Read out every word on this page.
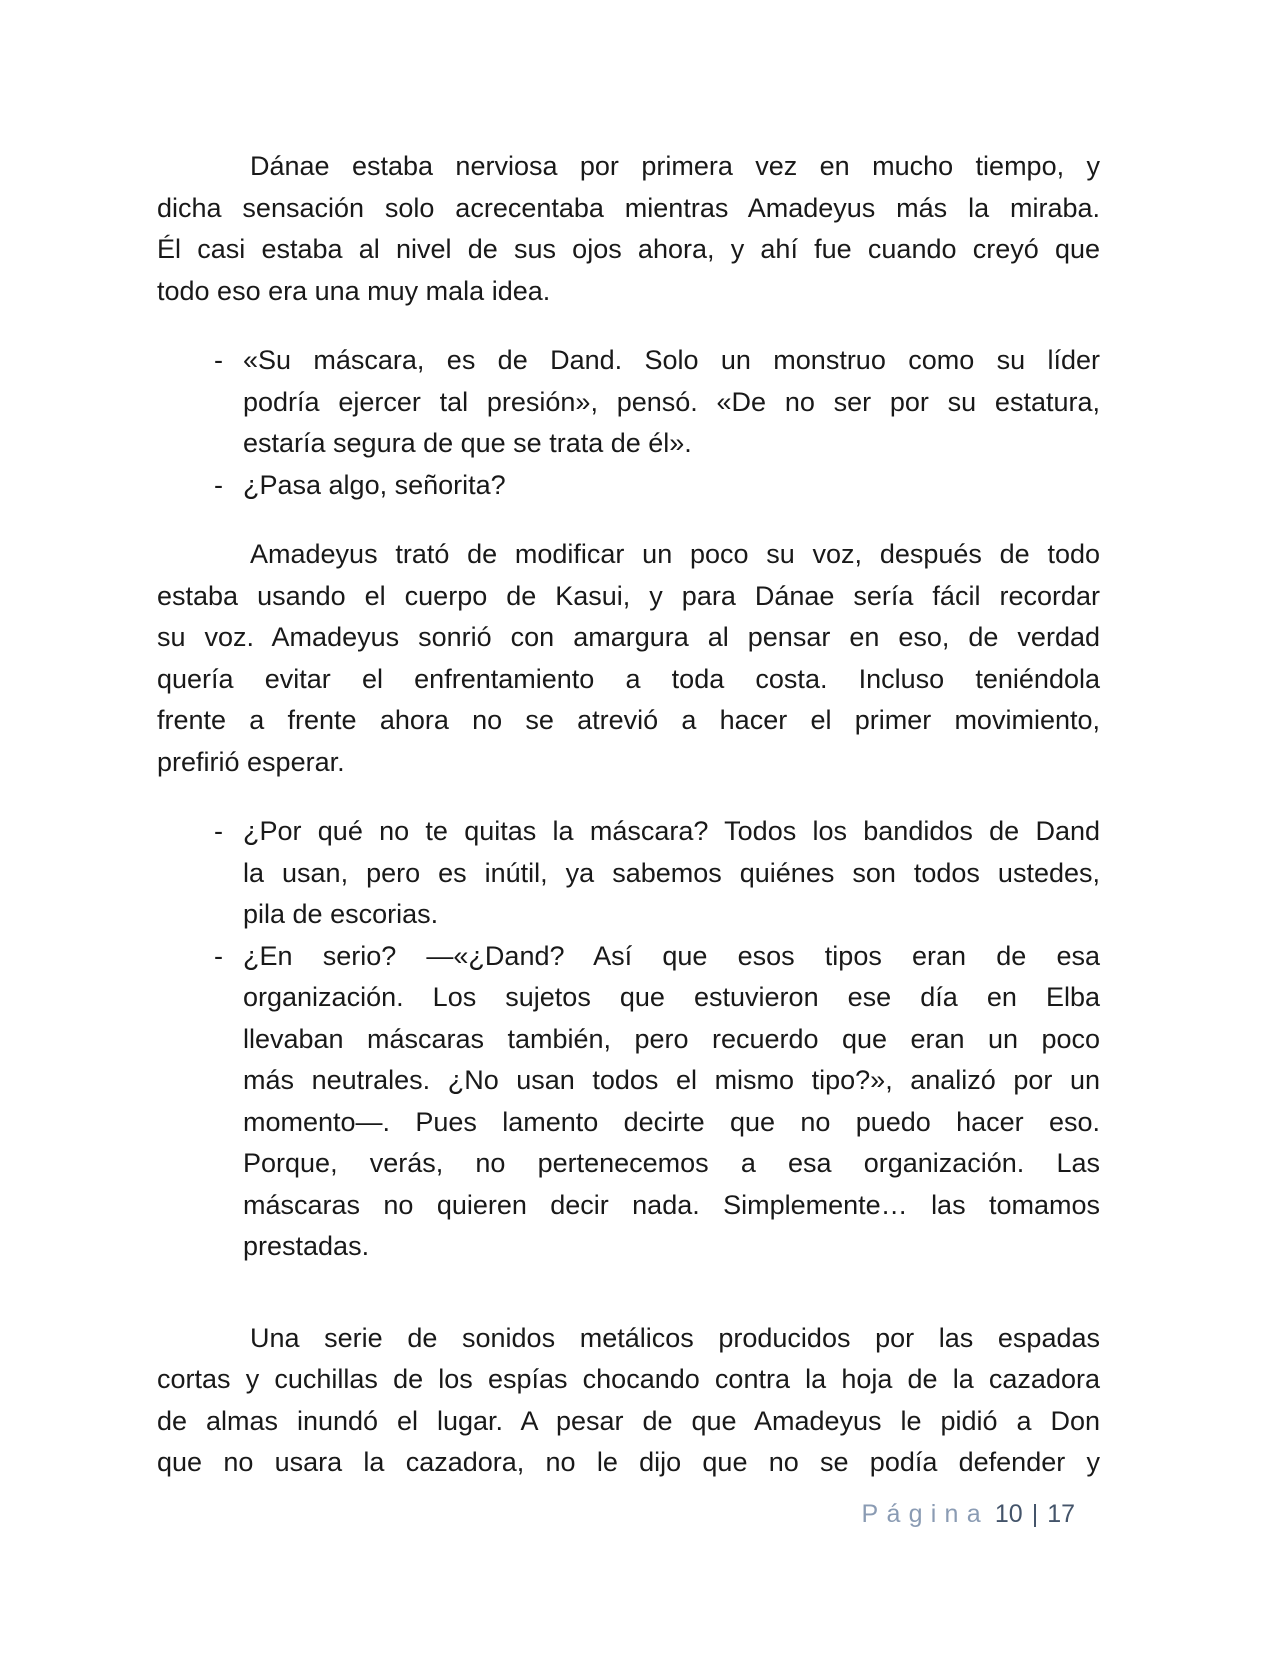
Dánae estaba nerviosa por primera vez en mucho tiempo, y
dicha sensación solo acrecentaba mientras Amadeyus más la miraba.
Él casi estaba al nivel de sus ojos ahora, y ahí fue cuando creyó que
todo eso era una muy mala idea.
- «Su máscara, es de Dand. Solo un monstruo como su líder
podría ejercer tal presión», pensó. «De no ser por su estatura,
estaría segura de que se trata de él».
- ¿Pasa algo, señorita?
Amadeyus trató de modificar un poco su voz, después de todo
estaba usando el cuerpo de Kasui, y para Dánae sería fácil recordar
su voz. Amadeyus sonrió con amargura al pensar en eso, de verdad
quería evitar el enfrentamiento a toda costa. Incluso teniéndola
frente a frente ahora no se atrevió a hacer el primer movimiento,
prefirió esperar.
- ¿Por qué no te quitas la máscara? Todos los bandidos de Dand
la usan, pero es inútil, ya sabemos quiénes son todos ustedes,
pila de escorias.
- ¿En serio? —«¿Dand? Así que esos tipos eran de esa
organización. Los sujetos que estuvieron ese día en Elba
llevaban máscaras también, pero recuerdo que eran un poco
más neutrales. ¿No usan todos el mismo tipo?», analizó por un
momento—. Pues lamento decirte que no puedo hacer eso.
Porque, verás, no pertenecemos a esa organización. Las
máscaras no quieren decir nada. Simplemente… las tomamos
prestadas.
Una serie de sonidos metálicos producidos por las espadas
cortas y cuchillas de los espías chocando contra la hoja de la cazadora
de almas inundó el lugar. A pesar de que Amadeyus le pidió a Don
que no usara la cazadora, no le dijo que no se podía defender y
Página 10 | 17
